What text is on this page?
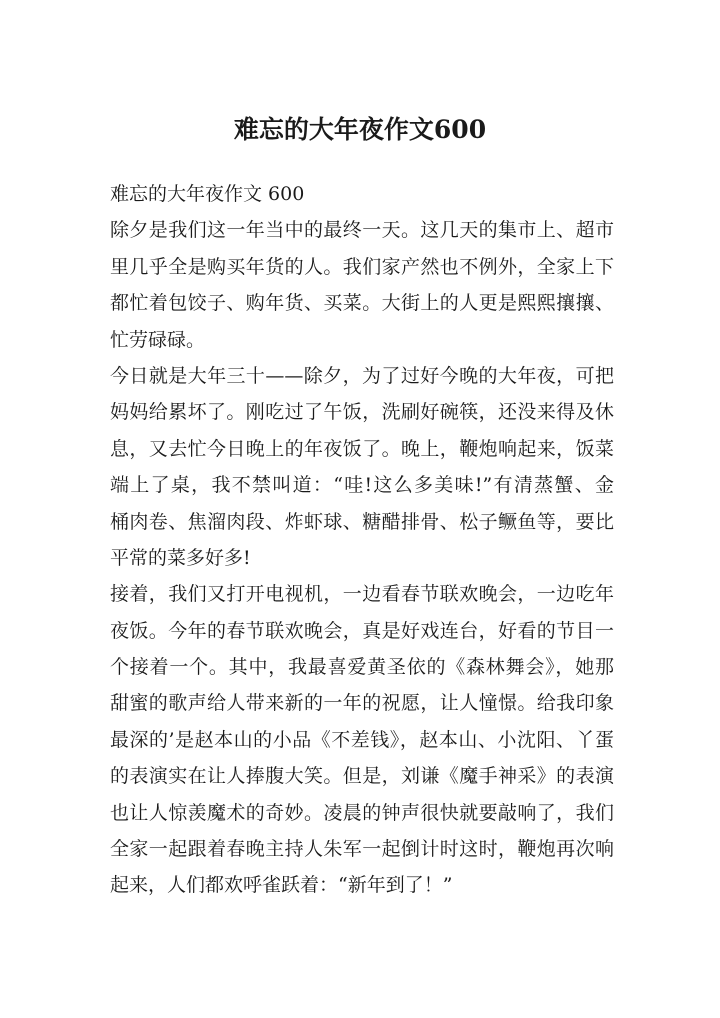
难忘的大年夜作文600
难忘的大年夜作文 600
除夕是我们这一年当中的最终一天。这几天的集市上、超市
里几乎全是购买年货的人。我们家产然也不例外，全家上下
都忙着包饺子、购年货、买菜。大街上的人更是熙熙攘攘、
忙劳碌碌。
今日就是大年三十——除夕，为了过好今晚的大年夜，可把
妈妈给累坏了。刚吃过了午饭，洗刷好碗筷，还没来得及休
息，又去忙今日晚上的年夜饭了。晚上，鞭炮响起来，饭菜
端上了桌，我不禁叫道：“哇!这么多美味!”有清蒸蟹、金
桶肉卷、焦溜肉段、炸虾球、糖醋排骨、松子鳜鱼等，要比
平常的菜多好多!
接着，我们又打开电视机，一边看春节联欢晚会，一边吃年
夜饭。今年的春节联欢晚会，真是好戏连台，好看的节目一
个接着一个。其中，我最喜爱黄圣依的《森林舞会》，她那
甜蜜的歌声给人带来新的一年的祝愿，让人憧憬。给我印象
最深的’是赵本山的小品《不差钱》，赵本山、小沈阳、丫蛋
的表演实在让人捧腹大笑。但是，刘谦《魔手神采》的表演
也让人惊羡魔术的奇妙。凌晨的钟声很快就要敲响了，我们
全家一起跟着春晚主持人朱军一起倒计时这时，鞭炮再次响
起来，人们都欢呼雀跃着：“新年到了！”
